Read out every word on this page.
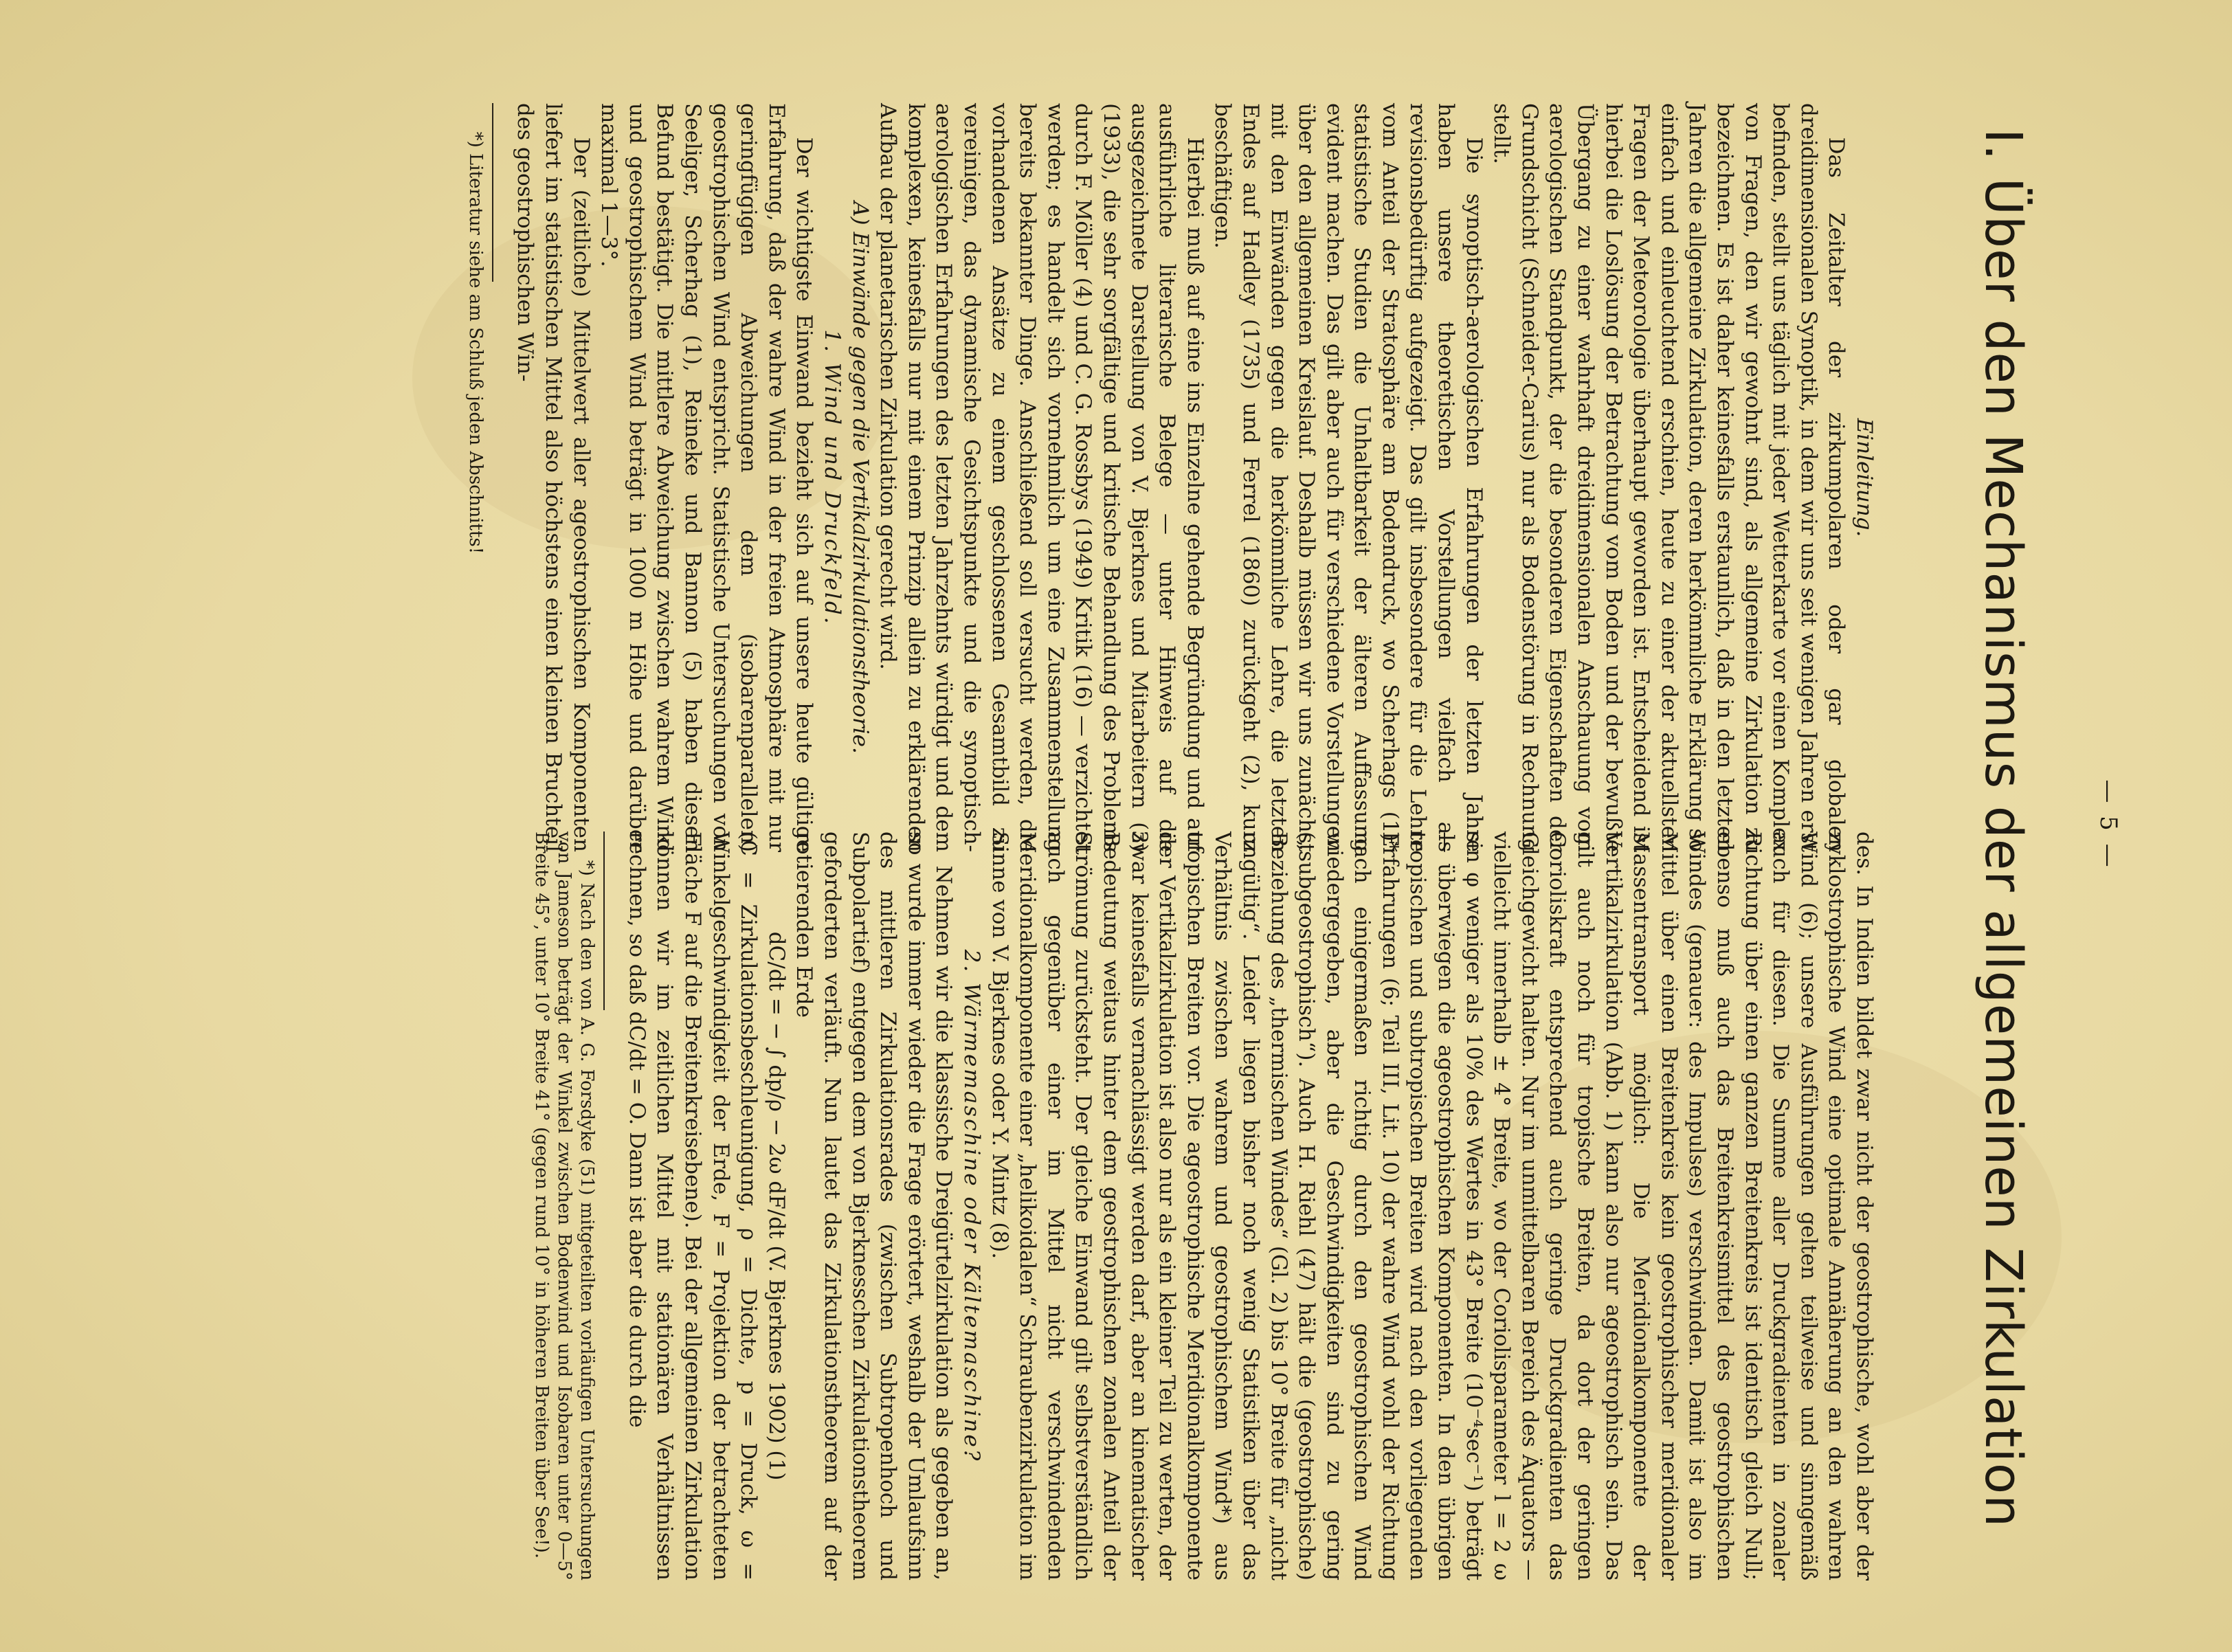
— 5 —
I. Über den Mechanismus der allgemeinen Zirkulation

Einleitung.

Das Zeitalter der zirkumpolaren oder gar globalen dreidimensionalen Synoptik, in dem wir uns seit wenigen Jahren erst befinden, stellt uns täglich mit jeder Wetterkarte vor einen Komplex von Fragen, den wir gewohnt sind, als allgemeine Zirkulation zu bezeichnen. Es ist daher keinesfalls erstaunlich, daß in den letzten Jahren die allgemeine Zirkulation, deren herkömmliche Erklärung so einfach und einleuchtend erschien, heute zu einer der aktuellsten Fragen der Meteorologie überhaupt geworden ist. Entscheidend ist hierbei die Loslösung der Betrachtung vom Boden und der bewußte Übergang zu einer wahrhaft dreidimensionalen Anschauung vom aerologischen Standpunkt, der die besonderen Eigenschaften der Grundschicht (Schneider-Carius) nur als Bodenstörung in Rechnung stellt.

Die synoptisch-aerologischen Erfahrungen der letzten Jahre haben unsere theoretischen Vorstellungen vielfach als revisionsbedürftig aufgezeigt. Das gilt insbesondere für die Lehre vom Anteil der Stratosphäre am Bodendruck, wo Scherhags (1)* statistische Studien die Unhaltbarkeit der älteren Auffassung evident machen. Das gilt aber auch für verschiedene Vorstellungen über den allgemeinen Kreislauf. Deshalb müssen wir uns zunächst mit den Einwänden gegen die herkömmliche Lehre, die letzten Endes auf Hadley (1735) und Ferrel (1860) zurückgeht (2), kurz beschäftigen.

Hierbei muß auf eine ins Einzelne gehende Begründung und auf ausführliche literarische Belege — unter Hinweis auf die ausgezeichnete Darstellung von V. Bjerknes und Mitarbeitern (3) (1933), die sehr sorgfältige und kritische Behandlung des Problems durch F. Möller (4) und C. G. Rossbys (1949) Kritik (16) — verzichtet werden; es handelt sich vornehmlich um eine Zusammenstellung bereits bekannter Dinge. Anschließend soll versucht werden, die vorhandenen Ansätze zu einem geschlossenen Gesamtbild zu vereinigen, das dynamische Gesichtspunkte und die synoptisch-aerologischen Erfahrungen des letzten Jahrzehnts würdigt und dem komplexen, keinesfalls nur mit einem Prinzip allein zu erklärenden Aufbau der planetarischen Zirkulation gerecht wird.

A) Einwände gegen die Vertikalzirkulationstheorie.

1. Wind und Druckfeld.

Der wichtigste Einwand bezieht sich auf unsere heute gültige Erfahrung, daß der wahre Wind in der freien Atmosphäre mit nur geringfügigen Abweichungen dem (isobarenparallelen) geostrophischen Wind entspricht. Statistische Untersuchungen von Seeliger, Scherhag (1), Reineke und Bannon (5) haben diesen Befund bestätigt. Die mittlere Abweichung zwischen wahrem Wind und geostrophischem Wind beträgt in 1000 m Höhe und darüber maximal 1—3°.

Der (zeitliche) Mittelwert aller ageostrophischen Komponenten liefert im statistischen Mittel also höchstens einen kleinen Bruchteil des geostrophischen Win-

*) Literatur siehe am Schluß jeden Abschnitts!

des. In Indien bildet zwar nicht der geostrophische, wohl aber der zyklostrophische Wind eine optimale Annäherung an den wahren Wind (6); unsere Ausführungen gelten teilweise und sinngemäß auch für diesen. Die Summe aller Druckgradienten in zonaler Richtung über einen ganzen Breitenkreis ist identisch gleich Null; ebenso muß auch das Breitenkreismittel des geostrophischen Windes (genauer: des Impulses) verschwinden. Damit ist also im Mittel über einen Breitenkreis kein geostrophischer meridionaler Massentransport möglich: Die Meridionalkomponente der Vertikalzirkulation (Abb. 1) kann also nur ageostrophisch sein. Das gilt auch noch für tropische Breiten, da dort der geringen Corioliskraft entsprechend auch geringe Druckgradienten das Gleichgewicht halten. Nur im unmittelbaren Bereich des Äquators — vielleicht innerhalb ± 4° Breite, wo der Coriolisparameter l = 2 ω sin φ weniger als 10% des Wertes in 43° Breite (10⁻⁴sec⁻¹) beträgt — überwiegen die ageostrophischen Komponenten. In den übrigen tropischen und subtropischen Breiten wird nach den vorliegenden Erfahrungen (6; Teil III, Lit. 10) der wahre Wind wohl der Richtung nach einigermaßen richtig durch den geostrophischen Wind wiedergegeben, aber die Geschwindigkeiten sind zu gering („subgeostrophisch“). Auch H. Riehl (47) hält die (geostrophische) Beziehung des „thermischen Windes“ (Gl. 2) bis 10° Breite für „nicht ungültig“. Leider liegen bisher noch wenig Statistiken über das Verhältnis zwischen wahrem und geostrophischem Wind*) aus tropischen Breiten vor. Die ageostrophische Meridionalkomponente der Vertikalzirkulation ist also nur als ein kleiner Teil zu werten, der zwar keinesfalls vernachlässigt werden darf, aber an kinematischer Bedeutung weitaus hinter dem geostrophischen zonalen Anteil der Strömung zurücksteht. Der gleiche Einwand gilt selbstverständlich auch gegenüber einer im Mittel nicht verschwindenden Meridionalkomponente einer „helikoidalen“ Schraubenzirkulation im Sinne von V. Bjerknes oder Y. Mintz (8).

2. Wärmemaschine oder Kältemaschine?

Nehmen wir die klassische Dreigürtelzirkulation als gegeben an, so wurde immer wieder die Frage erörtert, weshalb der Umlaufsinn des mittleren Zirkulationsrades (zwischen Subtropenhoch und Subpolartief) entgegen dem von Bjerknesschen Zirkulationstheorem geforderten verläuft. Nun lautet das Zirkulationstheorem auf der rotierenden Erde

dC/dt = − ∫ dp/ρ − 2ω dF/dt (V. Bjerknes 1902) (1)

(C = Zirkulationsbeschleunigung, ρ = Dichte, p = Druck, ω = Winkelgeschwindigkeit der Erde, F = Projektion der betrachteten Fläche F auf die Breitenkreisebene). Bei der allgemeinen Zirkulation können wir im zeitlichen Mittel mit stationären Verhältnissen rechnen, so daß dC/dt = O. Dann ist aber die durch die

*) Nach den von A. G. Forsdyke (51) mitgeteilten vorläufigen Untersuchungen von Jameson beträgt der Winkel zwischen Bodenwind und Isobaren unter 0—5° Breite 45°, unter 10° Breite 41° (gegen rund 10° in höheren Breiten über See!).
